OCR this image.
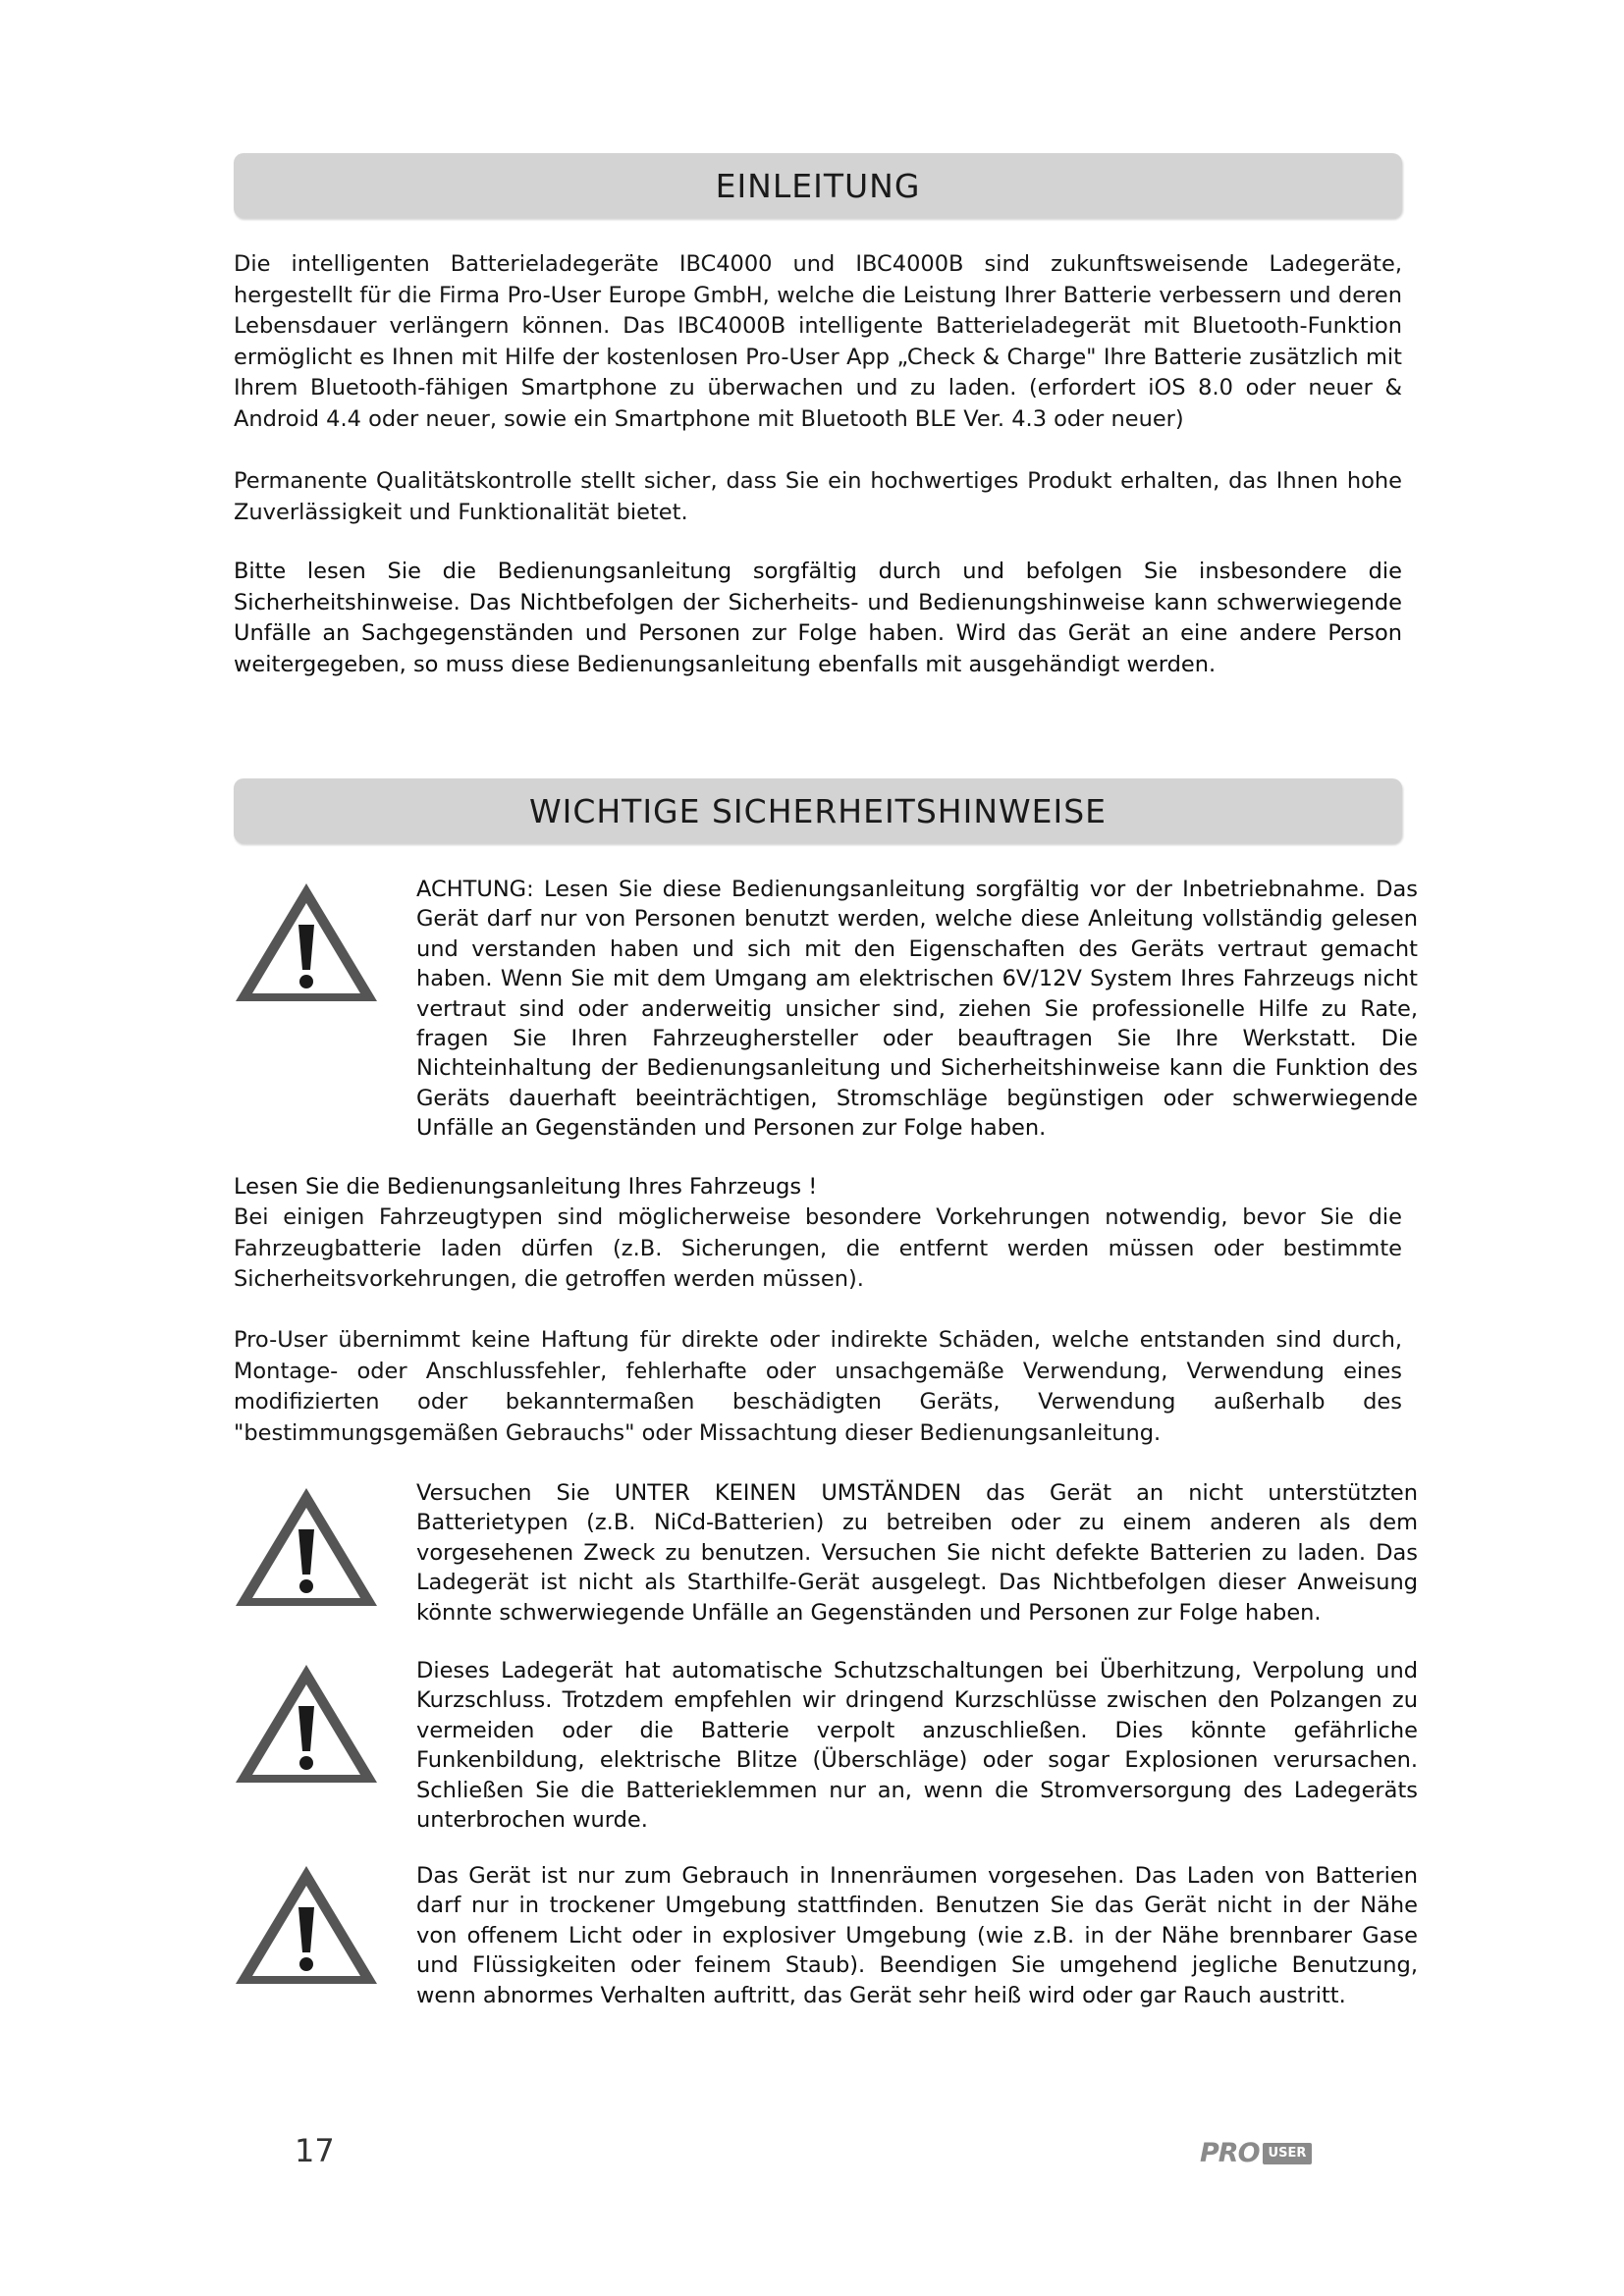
EINLEITUNG

Die intelligenten Batterieladegeräte IBC4000 und IBC4000B sind zukunftsweisende Ladegeräte, hergestellt für die Firma Pro-User Europe GmbH, welche die Leistung Ihrer Batterie verbessern und deren Lebensdauer verlängern können. Das IBC4000B intelligente Batterieladegerät mit Bluetooth-Funktion ermöglicht es Ihnen mit Hilfe der kostenlosen Pro-User App „Check & Charge" Ihre Batterie zusätzlich mit Ihrem Bluetooth-fähigen Smartphone zu überwachen und zu laden. (erfordert iOS 8.0 oder neuer & Android 4.4 oder neuer, sowie ein Smartphone mit Bluetooth BLE Ver. 4.3 oder neuer)

Permanente Qualitätskontrolle stellt sicher, dass Sie ein hochwertiges Produkt erhalten, das Ihnen hohe Zuverlässigkeit und Funktionalität bietet.

Bitte lesen Sie die Bedienungsanleitung sorgfältig durch und befolgen Sie insbesondere die Sicherheitshinweise. Das Nichtbefolgen der Sicherheits- und Bedienungshinweise kann schwerwiegende Unfälle an Sachgegenständen und Personen zur Folge haben. Wird das Gerät an eine andere Person weitergegeben, so muss diese Bedienungsanleitung ebenfalls mit ausgehändigt werden.

WICHTIGE SICHERHEITSHINWEISE

ACHTUNG: Lesen Sie diese Bedienungsanleitung sorgfältig vor der Inbetriebnahme. Das Gerät darf nur von Personen benutzt werden, welche diese Anleitung vollständig gelesen und verstanden haben und sich mit den Eigenschaften des Geräts vertraut gemacht haben. Wenn Sie mit dem Umgang am elektrischen 6V/12V System Ihres Fahrzeugs nicht vertraut sind oder anderweitig unsicher sind, ziehen Sie professionelle Hilfe zu Rate, fragen Sie Ihren Fahrzeughersteller oder beauftragen Sie Ihre Werkstatt. Die Nichteinhaltung der Bedienungsanleitung und Sicherheitshinweise kann die Funktion des Geräts dauerhaft beeinträchtigen, Stromschläge begünstigen oder schwerwiegende Unfälle an Gegenständen und Personen zur Folge haben.

Lesen Sie die Bedienungsanleitung Ihres Fahrzeugs !

Bei einigen Fahrzeugtypen sind möglicherweise besondere Vorkehrungen notwendig, bevor Sie die Fahrzeugbatterie laden dürfen (z.B. Sicherungen, die entfernt werden müssen oder bestimmte Sicherheitsvorkehrungen, die getroffen werden müssen).

Pro-User übernimmt keine Haftung für direkte oder indirekte Schäden, welche entstanden sind durch, Montage- oder Anschlussfehler, fehlerhafte oder unsachgemäße Verwendung, Verwendung eines modifizierten oder bekanntermaßen beschädigten Geräts, Verwendung außerhalb des "bestimmungsgemäßen Gebrauchs" oder Missachtung dieser Bedienungsanleitung.

Versuchen Sie UNTER KEINEN UMSTÄNDEN das Gerät an nicht unterstützten Batterietypen (z.B. NiCd-Batterien) zu betreiben oder zu einem anderen als dem vorgesehenen Zweck zu benutzen. Versuchen Sie nicht defekte Batterien zu laden. Das Ladegerät ist nicht als Starthilfe-Gerät ausgelegt. Das Nichtbefolgen dieser Anweisung könnte schwerwiegende Unfälle an Gegenständen und Personen zur Folge haben.

Dieses Ladegerät hat automatische Schutzschaltungen bei Überhitzung, Verpolung und Kurzschluss. Trotzdem empfehlen wir dringend Kurzschlüsse zwischen den Polzangen zu vermeiden oder die Batterie verpolt anzuschließen. Dies könnte gefährliche Funkenbildung, elektrische Blitze (Überschläge) oder sogar Explosionen verursachen. Schließen Sie die Batterieklemmen nur an, wenn die Stromversorgung des Ladegeräts unterbrochen wurde.

Das Gerät ist nur zum Gebrauch in Innenräumen vorgesehen. Das Laden von Batterien darf nur in trockener Umgebung stattfinden. Benutzen Sie das Gerät nicht in der Nähe von offenem Licht oder in explosiver Umgebung (wie z.B. in der Nähe brennbarer Gase und Flüssigkeiten oder feinem Staub). Beendigen Sie umgehend jegliche Benutzung, wenn abnormes Verhalten auftritt, das Gerät sehr heiß wird oder gar Rauch austritt.

17	PRO USER
